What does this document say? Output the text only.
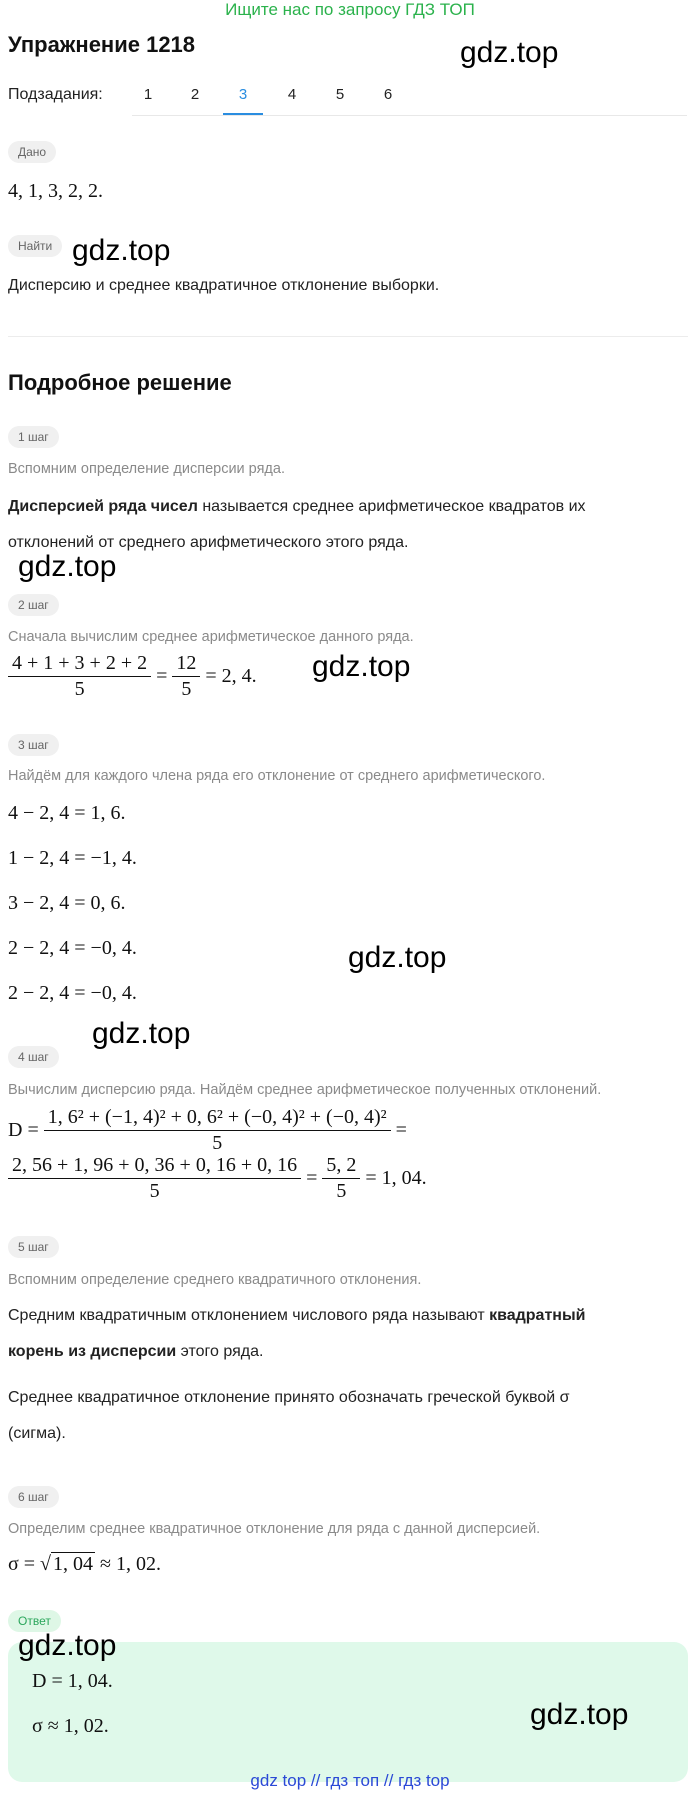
Ищите нас по запросу ГДЗ ТОП
Упражнение 1218	gdz.top
Подзадания:	1	2	3	4	5	6
Дано
4, 1, 3, 2, 2.
Найти gdz.top
Дисперсию и среднее квадратичное отклонение выборки.
Подробное решение
1 шаг
Вспомним определение дисперсии ряда.
Дисперсией ряда чисел называется среднее арифметическое квадратов их
отклонений от среднего арифметического этого ряда.
gdz.top
2 шаг
Сначала вычислим среднее арифметическое данного ряда.
$\frac{4 + 1 + 3 + 2 + 2}{5} = \frac{12}{5} = 2$, 4. gdz.top
3 шаг
Найдём для каждого члена ряда его отклонение от среднего арифметического.
4 − 2, 4 = 1, 6.
1 − 2, 4 = −1, 4.
3 − 2, 4 = 0, 6.
2 − 2, 4 = −0, 4.	gdz.top
2 − 2, 4 = −0, 4.
gdz.top
4 шаг
Вычислим дисперсию ряда. Найдём среднее арифметическое полученных отклонений.
$D = \frac{\text{1, 6² + (−1, 4)² + 0, 6² + (−0, 4)² + (−0, 4)²}}{5}$ =
$\frac{2, 56 + 1, 96 + 0, 36 + 0, 16 + 0, 16}{5} = \frac{5, 2}{5} = 1$, 04.
5 шаг
Вспомним определение среднего квадратичного отклонения.
Средним квадратичным отклонением числового ряда называют квадратный
корень из дисперсии этого ряда.
Среднее квадратичное отклонение принято обозначать греческой буквой σ
(сигма).
6 шаг
Определим среднее квадратичное отклонение для ряда с данной дисперсией.
σ = √ 1, 04 ≈ 1, 02.
Ответ
gdz.top
D = 1, 04.
σ ≈ 1, 02.	gdz.top
gdz top // гдз топ // гдз top
